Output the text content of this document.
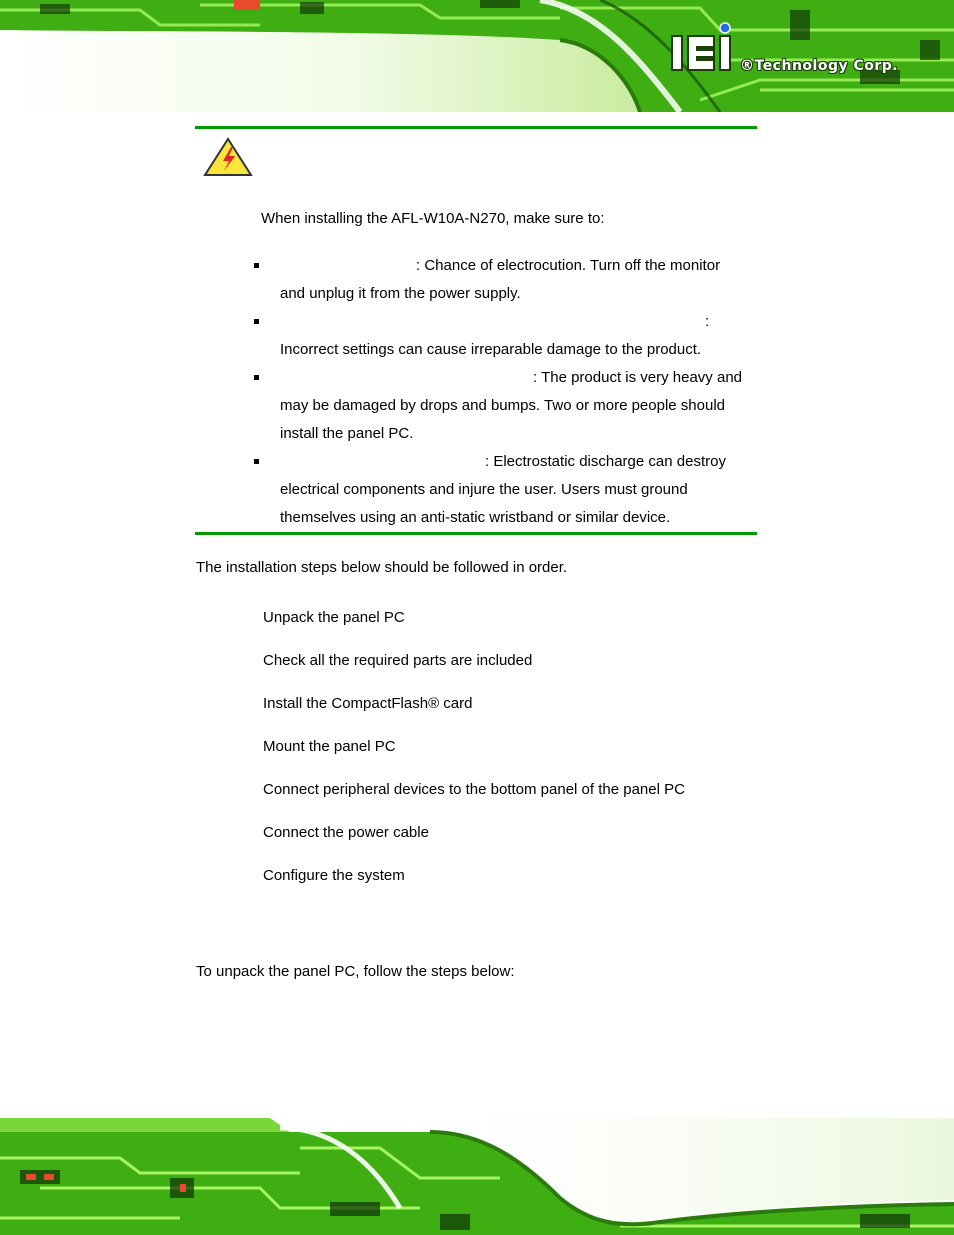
®Technology Corp.
When installing the AFL-W10A-N270, make sure to:
: Chance of electrocution. Turn off the monitor
and unplug it from the power supply.
:
Incorrect settings can cause irreparable damage to the product.
: The product is very heavy and
may be damaged by drops and bumps. Two or more people should
install the panel PC.
: Electrostatic discharge can destroy
electrical components and injure the user. Users must ground
themselves using an anti-static wristband or similar device.
The installation steps below should be followed in order.
Unpack the panel PC
Check all the required parts are included
Install the CompactFlash® card
Mount the panel PC
Connect peripheral devices to the bottom panel of the panel PC
Connect the power cable
Configure the system
To unpack the panel PC, follow the steps below:
